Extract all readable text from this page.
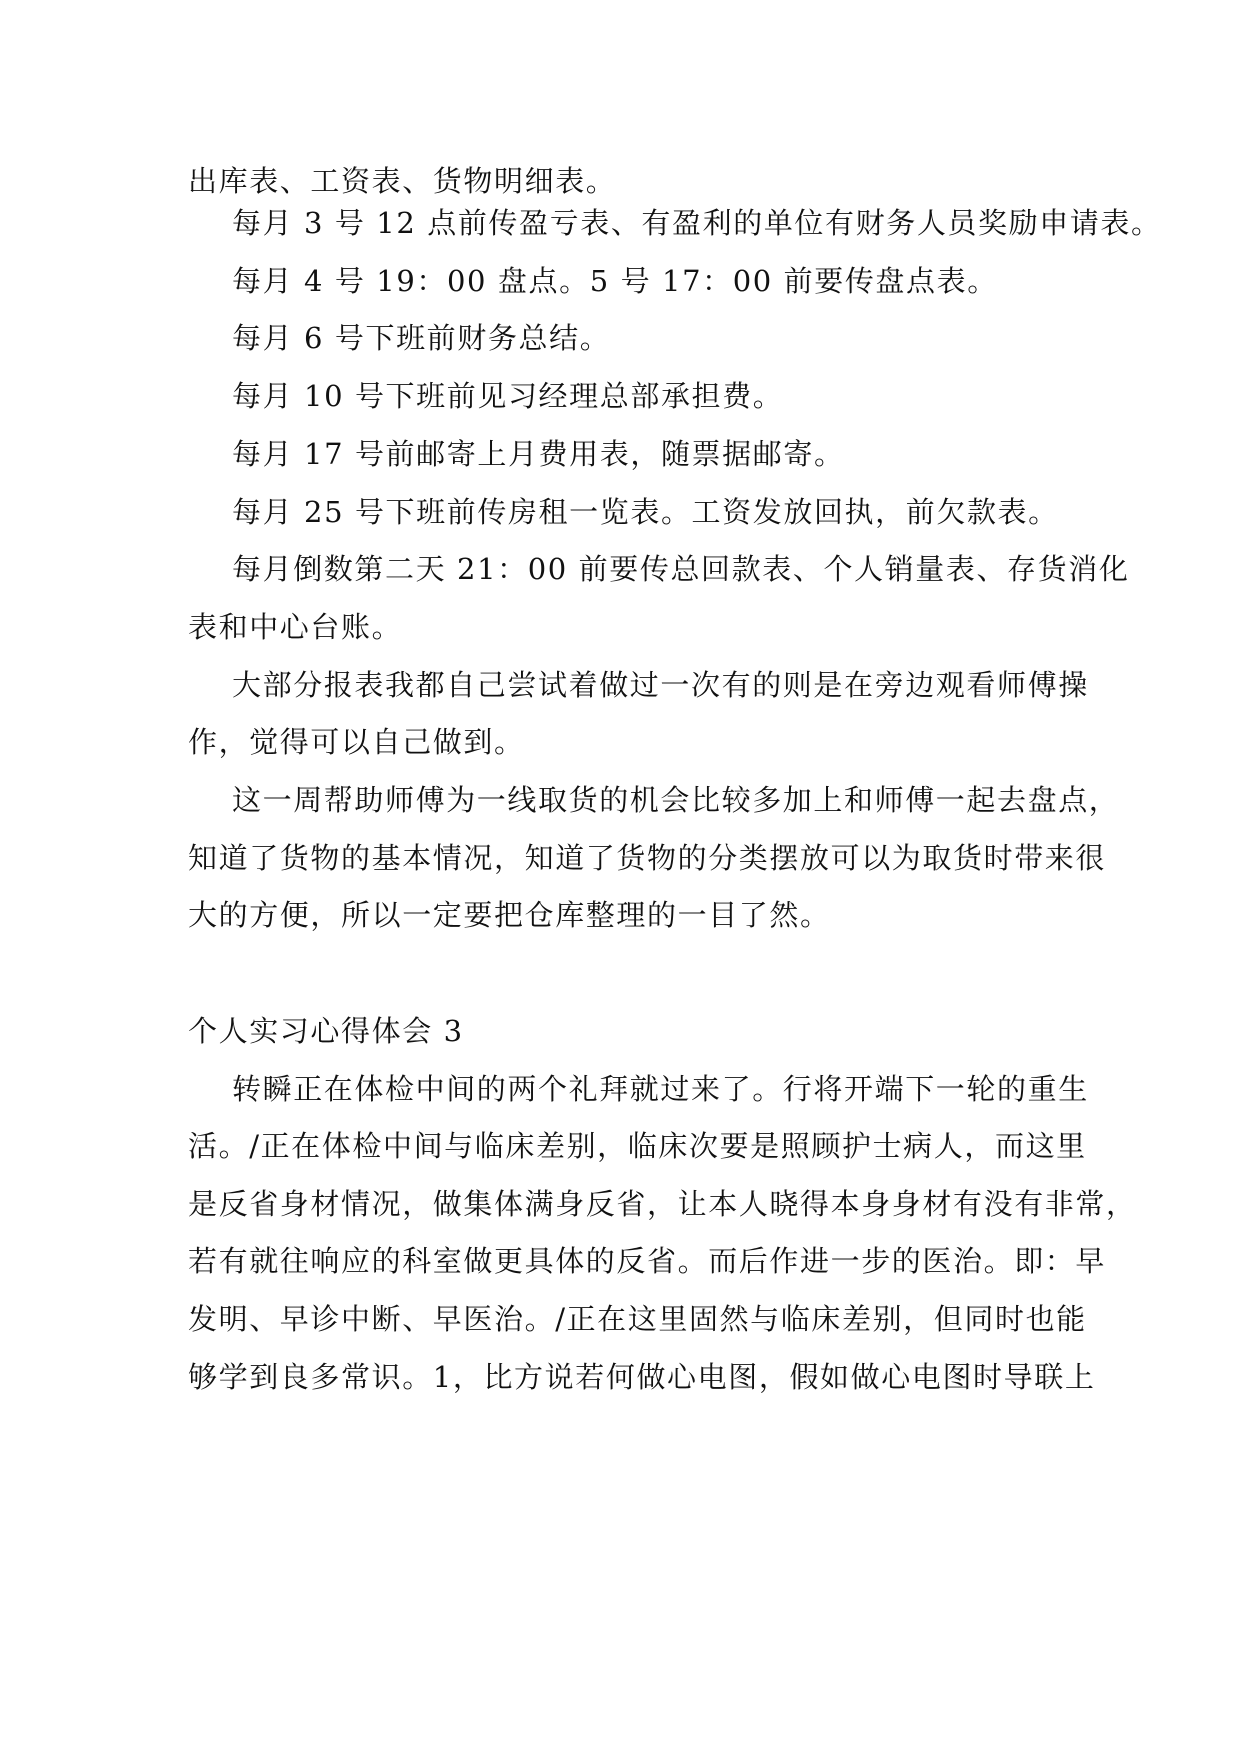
出库表、工资表、货物明细表。

每月 3 号 12 点前传盈亏表、有盈利的单位有财务人员奖励申请表。

每月 4 号 19：00 盘点。5 号 17：00 前要传盘点表。

每月 6 号下班前财务总结。

每月 10 号下班前见习经理总部承担费。

每月 17 号前邮寄上月费用表，随票据邮寄。

每月 25 号下班前传房租一览表。工资发放回执，前欠款表。

每月倒数第二天 21：00 前要传总回款表、个人销量表、存货消化

表和中心台账。

大部分报表我都自己尝试着做过一次有的则是在旁边观看师傅操

作，觉得可以自己做到。

这一周帮助师傅为一线取货的机会比较多加上和师傅一起去盘点，

知道了货物的基本情况，知道了货物的分类摆放可以为取货时带来很

大的方便，所以一定要把仓库整理的一目了然。

个人实习心得体会 3

转瞬正在体检中间的两个礼拜就过来了。行将开端下一轮的重生

活。/正在体检中间与临床差别，临床次要是照顾护士病人，而这里

是反省身材情况，做集体满身反省，让本人晓得本身身材有没有非常，

若有就往响应的科室做更具体的反省。而后作进一步的医治。即：早

发明、早诊中断、早医治。/正在这里固然与临床差别，但同时也能

够学到良多常识。1，比方说若何做心电图，假如做心电图时导联上
